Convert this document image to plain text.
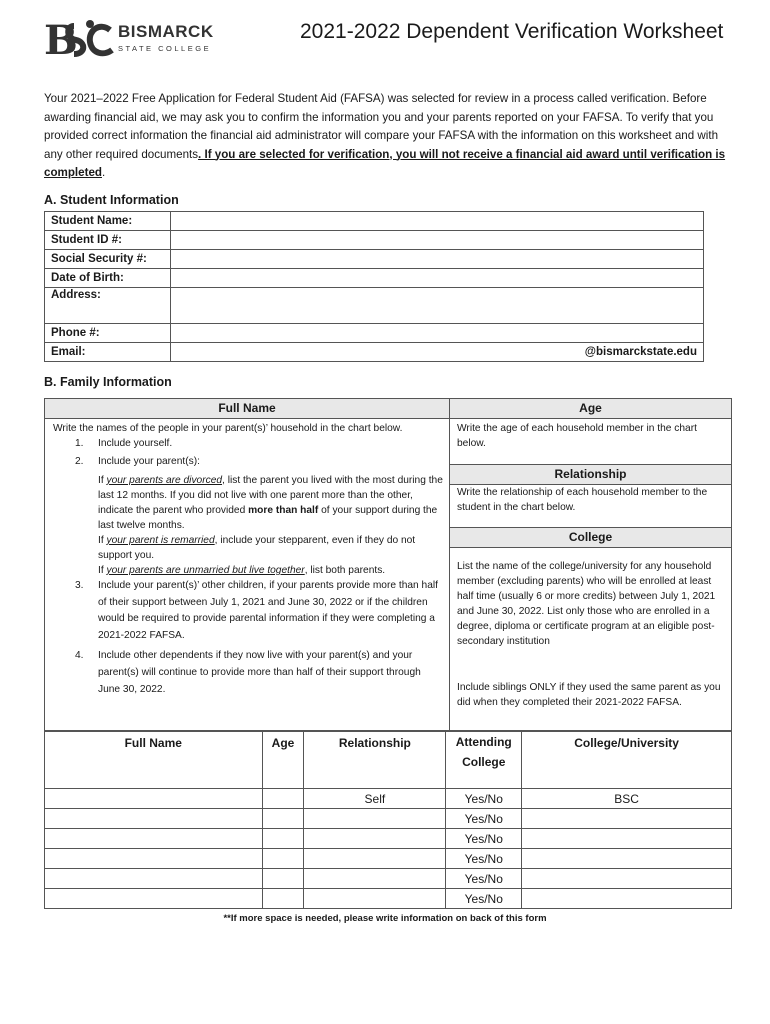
B BISMARCK
STATE COLLEGE
2021-2022 Dependent Verification Worksheet
Your 2021–2022 Free Application for Federal Student Aid (FAFSA) was selected for review in a process called verification. Before awarding financial aid, we may ask you to confirm the information you and your parents reported on your FAFSA. To verify that you provided correct information the financial aid administrator will compare your FAFSA with the information on this worksheet and with any other required documents. If you are selected for verification, you will not receive a financial aid award until verification is completed.
A. Student Information
Student Name:	
Student ID #:	
Social Security #:	
Date of Birth:	
Address:	
Phone #:	
Email:	@bismarckstate.edu
B. Family Information
Full Name	Age
Write the names of the people in your parent(s)’ household in the chart below.
1. Include yourself.
2. Include your parent(s):
If your parents are divorced, list the parent you lived with the most during the last 12 months. If you did not live with one parent more than the other, indicate the parent who provided more than half of your support during the last twelve months.
If your parent is remarried, include your stepparent, even if they do not support you.
If your parents are unmarried but live together, list both parents.
3. Include your parent(s)’ other children, if your parents provide more than half of their support between July 1, 2021 and June 30, 2022 or if the children would be required to provide parental information if they were completing a 2021-2022 FAFSA.
4. Include other dependents if they now live with your parent(s) and your parent(s) will continue to provide more than half of their support through June 30, 2022.
Write the age of each household member in the chart below.
Relationship
Write the relationship of each household member to the student in the chart below.
College
List the name of the college/university for any household member (excluding parents) who will be enrolled at least half time (usually 6 or more credits) between July 1, 2021 and June 30, 2022. List only those who are enrolled in a degree, diploma or certificate program at an eligible post-secondary institution
Include siblings ONLY if they used the same parent as you did when they completed their 2021-2022 FAFSA.
Full Name	Age	Relationship	Attending College	College/University
		Self	Yes/No	BSC
			Yes/No	
			Yes/No	
			Yes/No	
			Yes/No	
			Yes/No	
**If more space is needed, please write information on back of this form
